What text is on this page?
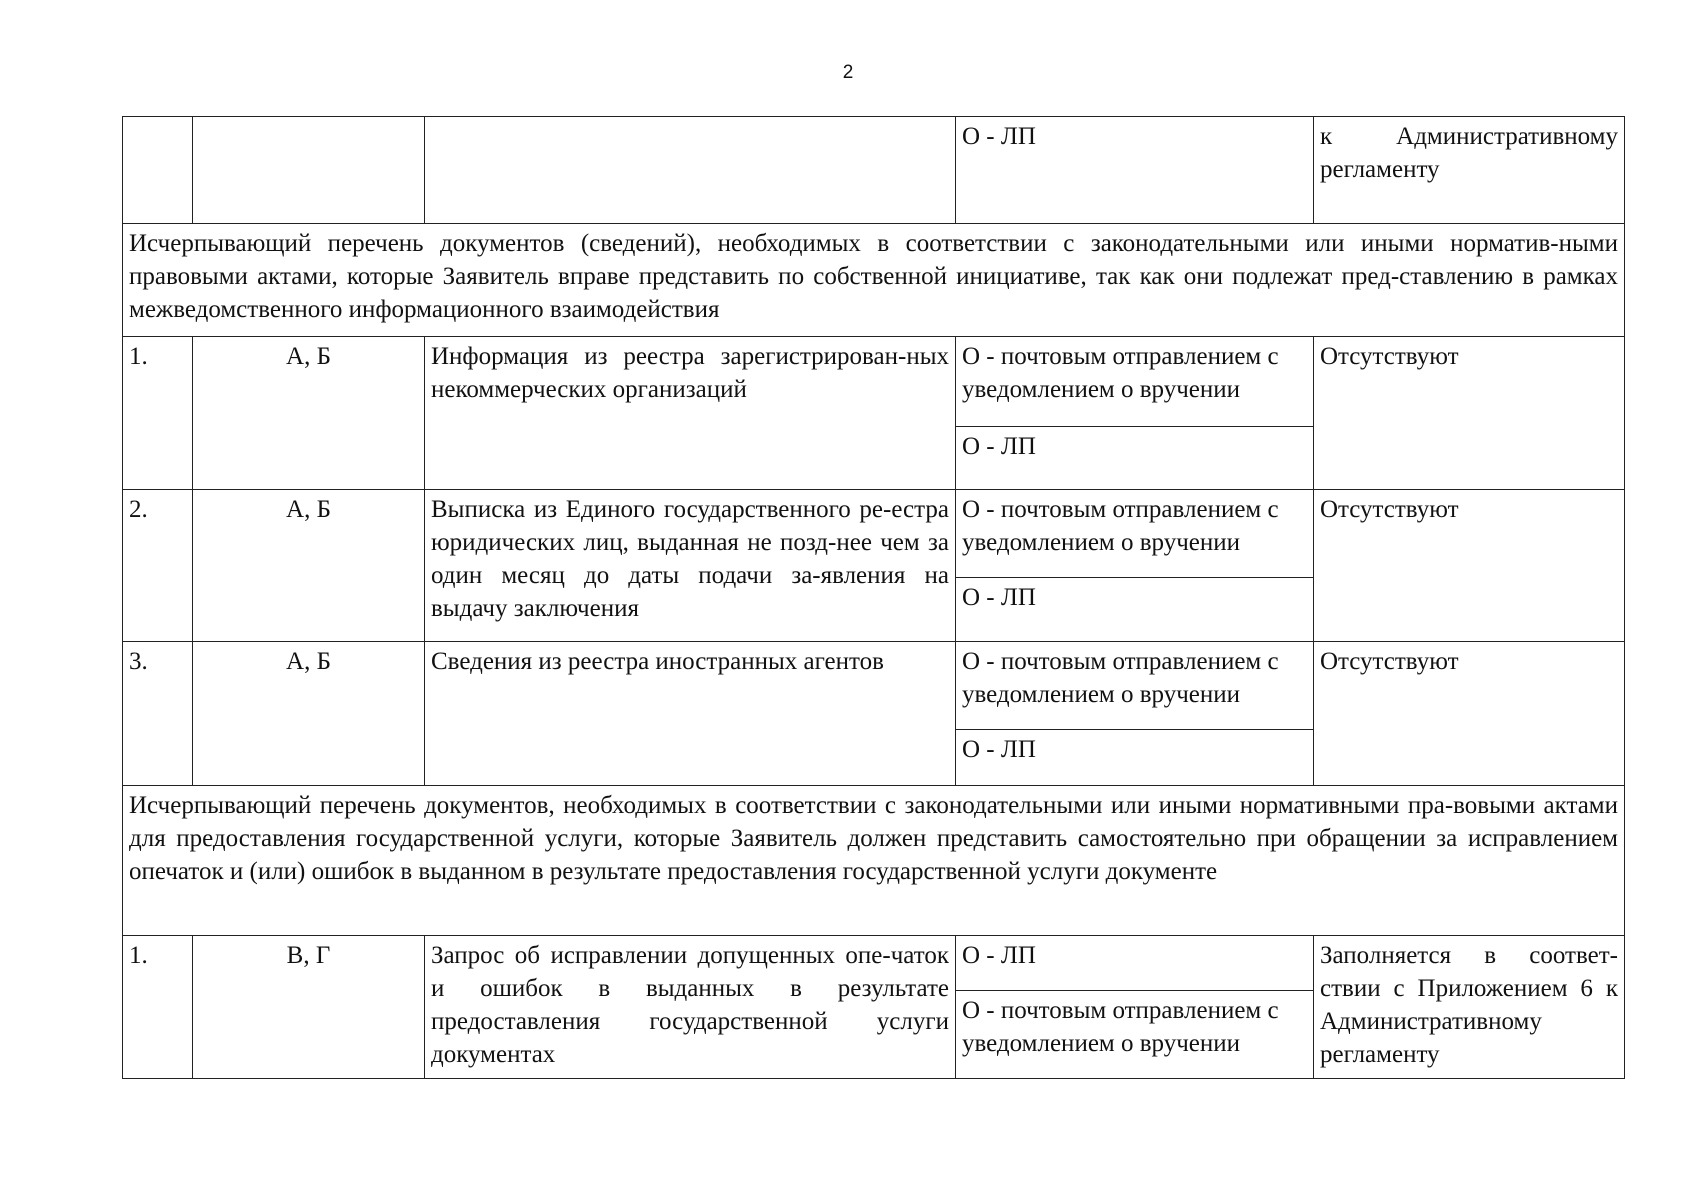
2
			О - ЛП	к Административному регламенту

Исчерпывающий перечень документов (сведений), необходимых в соответствии с законодательными или иными норматив-ными правовыми актами, которые Заявитель вправе представить по собственной инициативе, так как они подлежат пред-ставлению в рамках межведомственного информационного взаимодействия				

1.	А, Б	Информация из реестра зарегистрирован-ных некоммерческих организаций	О - почтовым отправлением с уведомлением о вручении	Отсутствуют
			О - ЛП	
2.	А, Б	Выписка из Единого государственного ре-естра юридических лиц, выданная не позд-нее чем за один месяц до даты подачи за-явления на выдачу заключения	О - почтовым отправлением с уведомлением о вручении	Отсутствуют
			О - ЛП	
3.	А, Б	Сведения из реестра иностранных агентов	О - почтовым отправлением с уведомлением о вручении	Отсутствуют
			О - ЛП	

Исчерпывающий перечень документов, необходимых в соответствии с законодательными или иными нормативными пра-вовыми актами для предоставления государственной услуги, которые Заявитель должен представить самостоятельно при обращении за исправлением опечаток и (или) ошибок в выданном в результате предоставления государственной услуги документе				

1.	В, Г	Запрос об исправлении допущенных опе-чаток и ошибок в выданных в результате предоставления государственной услуги документах	О - ЛП	Заполняется в соответ-ствии с Приложением 6 к Административному регламенту
			О - почтовым отправлением с уведомлением о вручении	
